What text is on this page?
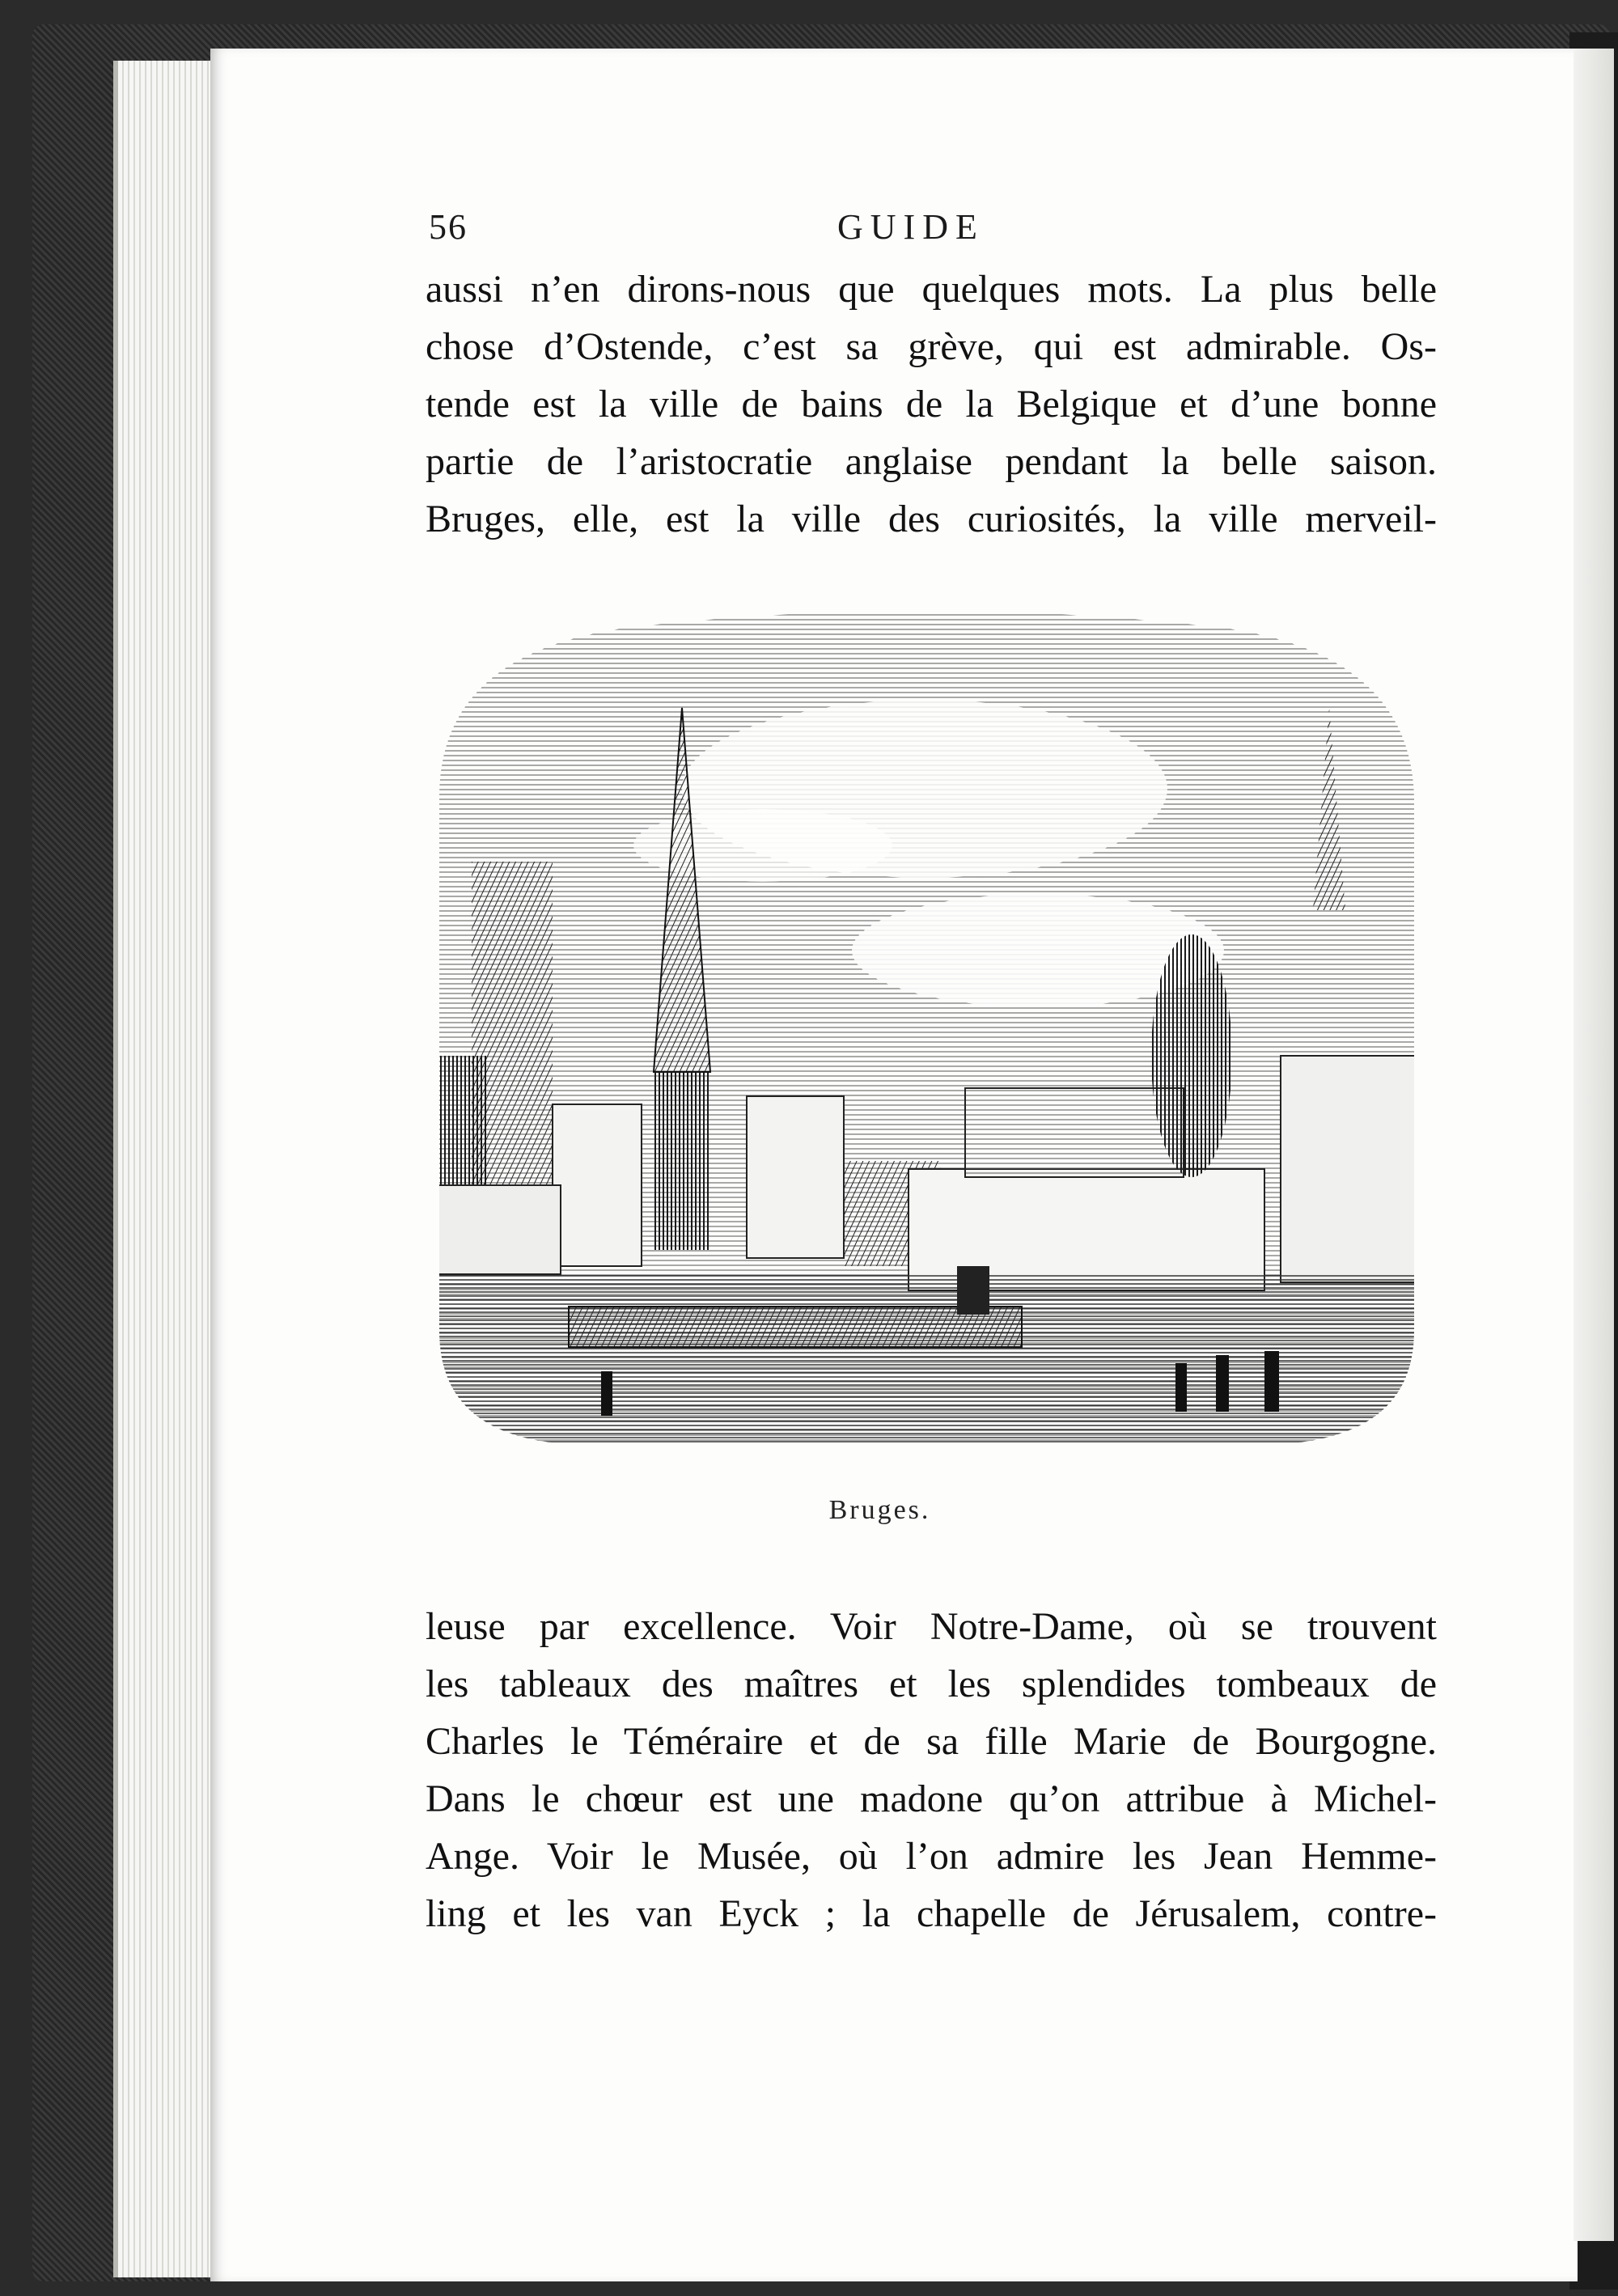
56	GUIDE

aussi n’en dirons-nous que quelques mots. La plus belle

chose d’Ostende, c’est sa grève, qui est admirable. Os-

tende est la ville de bains de la Belgique et d’une bonne

partie de l’aristocratie anglaise pendant la belle saison.

Bruges, elle, est la ville des curiosités, la ville merveil-

Bruges.

leuse par excellence. Voir Notre-Dame, où se trouvent

les tableaux des maîtres et les splendides tombeaux de

Charles le Téméraire et de sa fille Marie de Bourgogne.

Dans le chœur est une madone qu’on attribue à Michel-

Ange. Voir le Musée, où l’on admire les Jean Hemme-

ling et les van Eyck ; la chapelle de Jérusalem, contre-
